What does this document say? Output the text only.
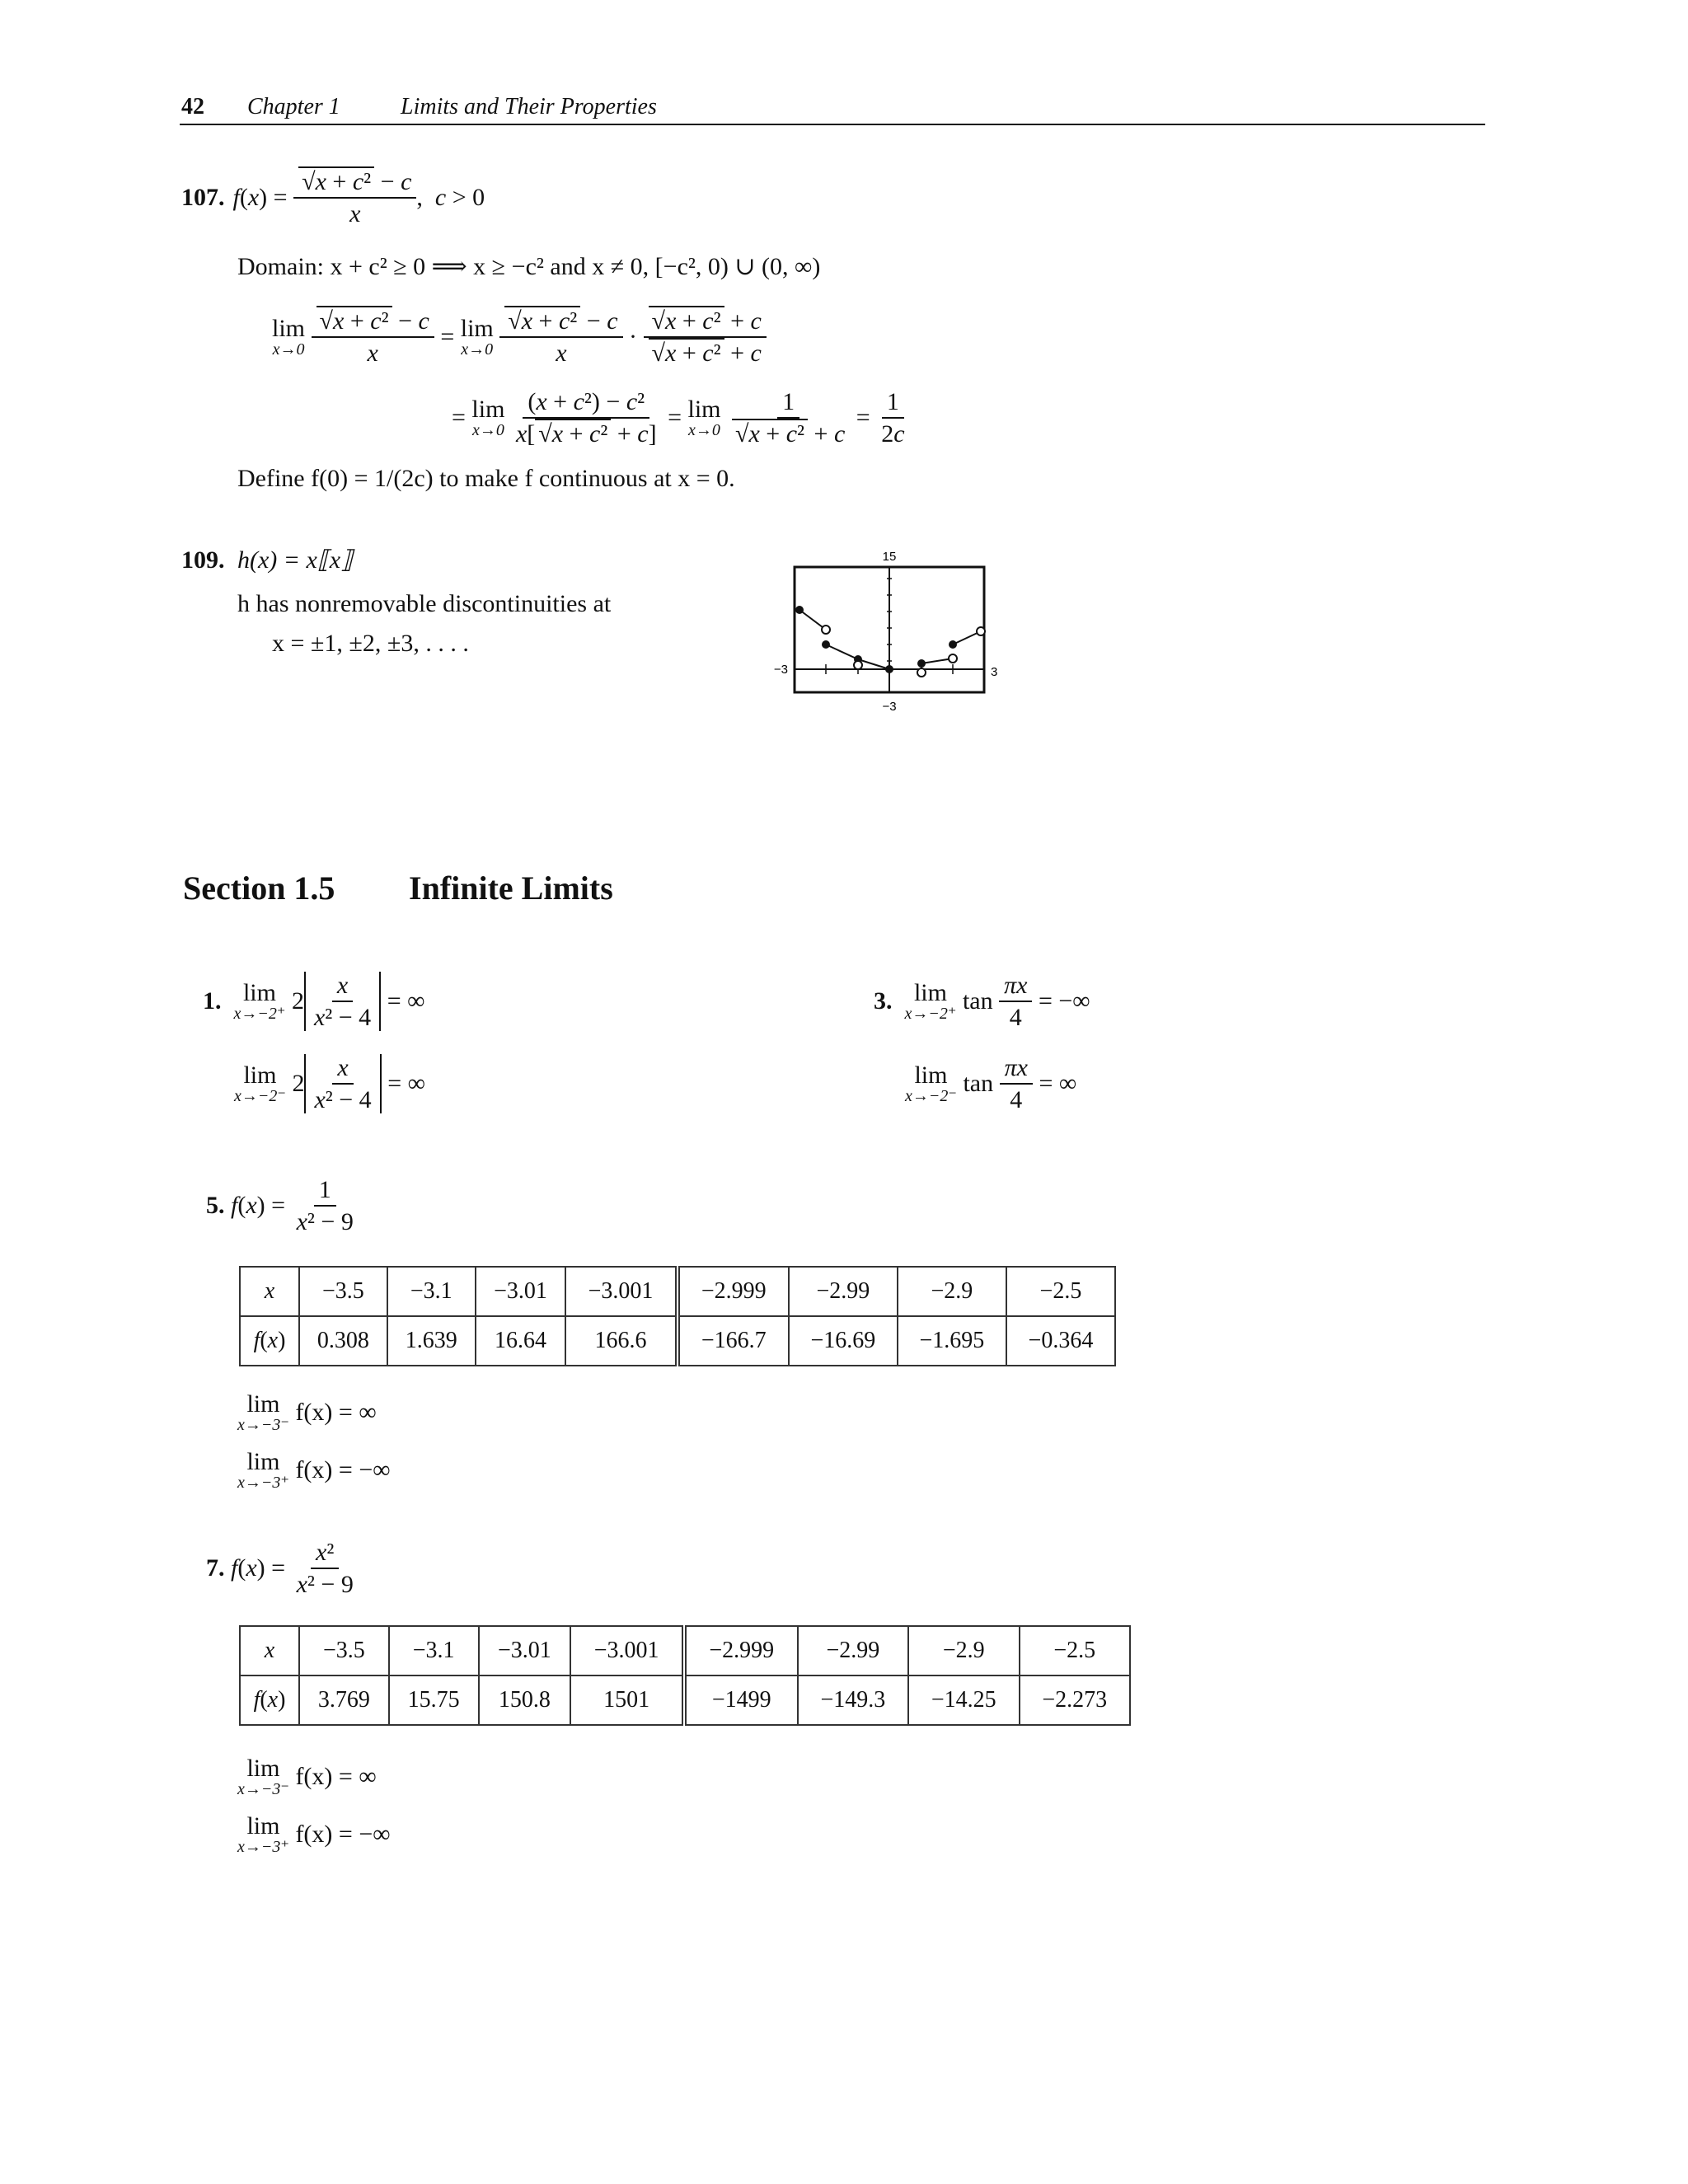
42 Chapter 1	Limits and Their Properties
107. f ( x ) = √ $\frac{\text{x + c² − c}}{x}$ , c > 0
Domain: x + c² ≥ 0 ⟹ x ≥ −c² and x ≠ 0, [−c², 0) ∪ (0, ∞)
lim
x→0
√ $\frac{\text{x + c² − c}}{x} = \lim$
x→0
√ $\frac{\text{x + c² − c}}{x}$ · √ x + c² + c
√ x + c² + c
= lim
x→0
$\frac{\text{(x + c²) − c²}}{\text{x[ √ x + c² + c]}} = \lim$
x→0
1
√ $x + c^2 + c = \frac{1}{2c}$
Define f(0) = 1/(2c) to make f continuous at x = 0.
109. h(x) = x⟦x⟧
h has nonremovable discontinuities at
x = ±1, ±2, ±3, . . . .
15
−3
−3	3
Section 1.5 Infinite Limits
1.
lim
x→−2⁺ $2 \frac{x}{\text{x² − 4}}$
= ∞
lim
x→−2⁻ $2 \frac{x}{\text{x² − 4}}$
= ∞
3.
lim
x→−2⁺ $\tan \frac{\pi x}{4}$
= −∞
lim
x→−2⁻ $\tan \frac{\pi x}{4}$
= ∞
5.
f ( x ) = $\frac{1}{\text{x² − 9}}$
x	−3.5	−3.1	−3.01	−3.001	−2.999	−2.99	−2.9	−2.5
f(x)	0.308	1.639	16.64	166.6	−166.7	−16.69	−1.695	−0.364
lim
x→−3⁻
f(x) = ∞
lim
x→−3⁺
f(x) = −∞
7.
f ( x ) = $\frac{\text{x²}}{\text{x² − 9}}$
x	−3.5	−3.1	−3.01	−3.001	−2.999	−2.99	−2.9	−2.5
f(x)	3.769	15.75	150.8	1501	−1499	−149.3	−14.25	−2.273
lim
x→−3⁻
f(x) = ∞
lim
x→−3⁺
f(x) = −∞
